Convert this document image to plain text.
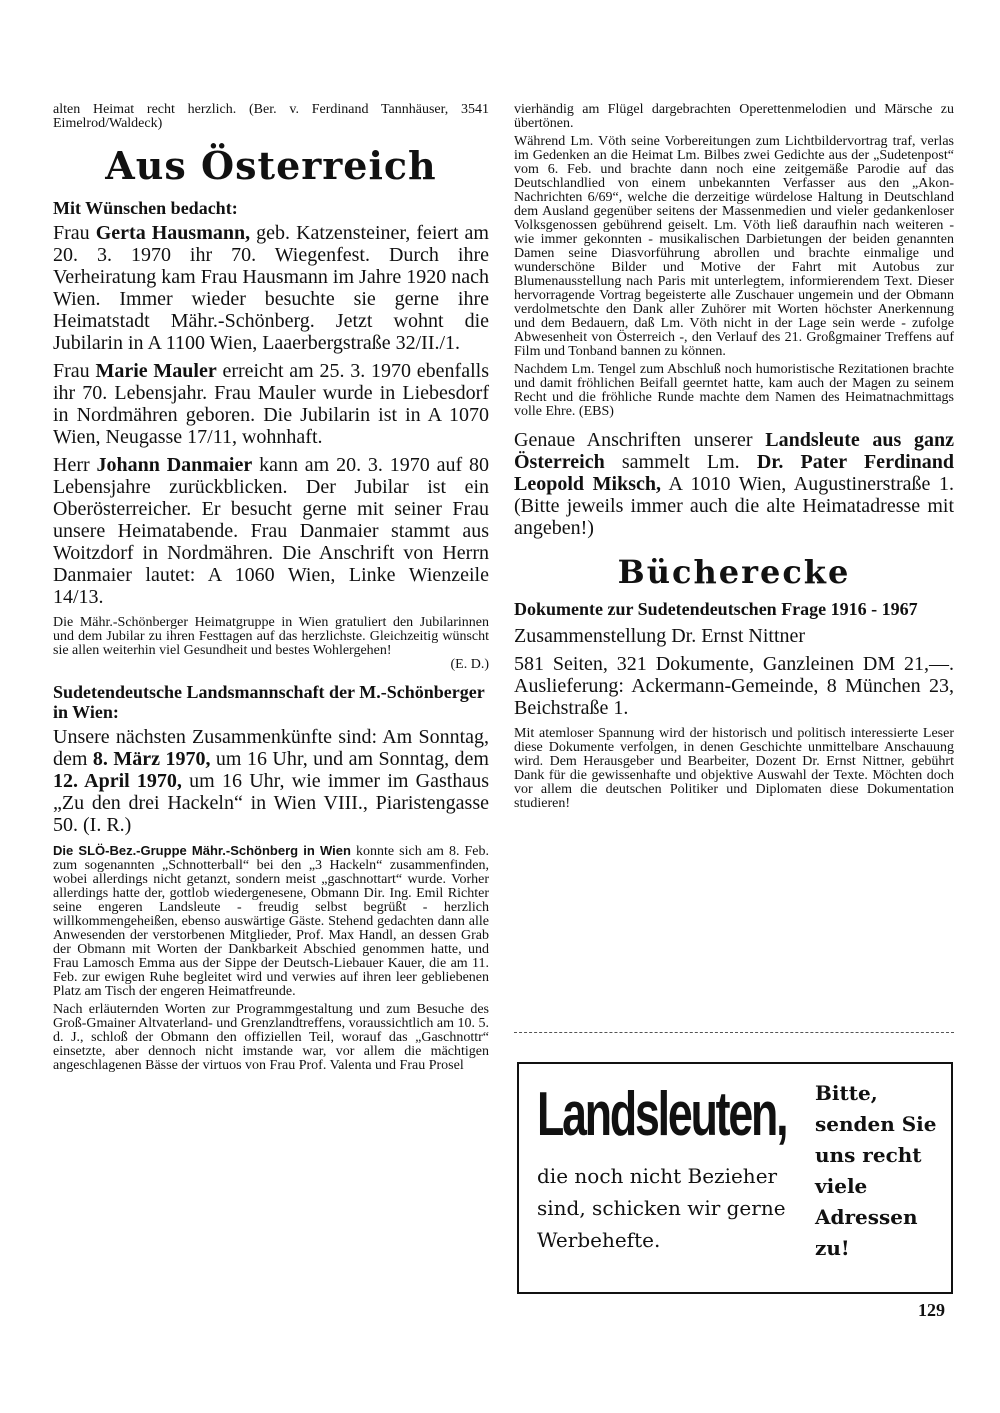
alten Heimat recht herzlich. (Ber. v. Ferdinand Tannhäuser, 3541 Eimelrod/Waldeck)

Aus Österreich
Mit Wünschen bedacht:

Frau Gerta Hausmann, geb. Katzensteiner, feiert am 20. 3. 1970 ihr 70. Wiegenfest. Durch ihre Verheiratung kam Frau Hausmann im Jahre 1920 nach Wien. Immer wieder besuchte sie gerne ihre Heimatstadt Mähr.-Schönberg. Jetzt wohnt die Jubilarin in A 1100 Wien, Laaerbergstraße 32/II./1.

Frau Marie Mauler erreicht am 25. 3. 1970 ebenfalls ihr 70. Lebensjahr. Frau Mauler wurde in Liebesdorf in Nordmähren geboren. Die Jubilarin ist in A 1070 Wien, Neugasse 17/11, wohnhaft.

Herr Johann Danmaier kann am 20. 3. 1970 auf 80 Lebensjahre zurückblicken. Der Jubilar ist ein Oberösterreicher. Er besucht gerne mit seiner Frau unsere Heimatabende. Frau Danmaier stammt aus Woitzdorf in Nordmähren. Die Anschrift von Herrn Danmaier lautet: A 1060 Wien, Linke Wienzeile 14/13.

Die Mähr.-Schönberger Heimatgruppe in Wien gratuliert den Jubilarinnen und dem Jubilar zu ihren Festtagen auf das herzlichste. Gleichzeitig wünscht sie allen weiterhin viel Gesundheit und bestes Wohlergehen!

(E. D.)
Sudetendeutsche Landsmannschaft der M.-Schönberger in Wien:

Unsere nächsten Zusammenkünfte sind: Am Sonntag, dem 8. März 1970, um 16 Uhr, und am Sonntag, dem 12. April 1970, um 16 Uhr, wie immer im Gasthaus „Zu den drei Hackeln“ in Wien VIII., Piaristengasse 50. (I. R.)

Die SLÖ-Bez.-Gruppe Mähr.-Schönberg in Wien konnte sich am 8. Feb. zum sogenannten „Schnotterball“ bei den „3 Hackeln“ zusammenfinden, wobei allerdings nicht getanzt, sondern meist „gaschnottart“ wurde. Vorher allerdings hatte der, gottlob wiedergenesene, Obmann Dir. Ing. Emil Richter seine engeren Landsleute - freudig selbst begrüßt - herzlich willkommengeheißen, ebenso auswärtige Gäste. Stehend gedachten dann alle Anwesenden der verstorbenen Mitglieder, Prof. Max Handl, an dessen Grab der Obmann mit Worten der Dankbarkeit Abschied genommen hatte, und Frau Lamosch Emma aus der Sippe der Deutsch-Liebauer Kauer, die am 11. Feb. zur ewigen Ruhe begleitet wird und verwies auf ihren leer gebliebenen Platz am Tisch der engeren Heimatfreunde.

Nach erläuternden Worten zur Programmgestaltung und zum Besuche des Groß-Gmainer Altvaterland- und Grenzlandtreffens, voraussichtlich am 10. 5. d. J., schloß der Obmann den offiziellen Teil, worauf das „Gaschnottr“ einsetzte, aber dennoch nicht imstande war, vor allem die mächtigen angeschlagenen Bässe der virtuos von Frau Prof. Valenta und Frau Prosel

vierhändig am Flügel dargebrachten Operettenmelodien und Märsche zu übertönen.

Während Lm. Vöth seine Vorbereitungen zum Lichtbildervortrag traf, verlas im Gedenken an die Heimat Lm. Bilbes zwei Gedichte aus der „Sudetenpost“ vom 6. Feb. und brachte dann noch eine zeitgemäße Parodie auf das Deutschlandlied von einem unbekannten Verfasser aus den „Akon-Nachrichten 6/69“, welche die derzeitige würdelose Haltung in Deutschland dem Ausland gegenüber seitens der Massenmedien und vieler gedankenloser Volksgenossen gebührend geiselt. Lm. Vöth ließ daraufhin nach weiteren - wie immer gekonnten - musikalischen Darbietungen der beiden genannten Damen seine Diasvorführung abrollen und brachte einmalige und wunderschöne Bilder und Motive der Fahrt mit Autobus zur Blumenausstellung nach Paris mit unterlegtem, informierendem Text. Dieser hervorragende Vortrag begeisterte alle Zuschauer ungemein und der Obmann verdolmetschte den Dank aller Zuhörer mit Worten höchster Anerkennung und dem Bedauern, daß Lm. Vöth nicht in der Lage sein werde - zufolge Abwesenheit von Österreich -, den Verlauf des 21. Großgmainer Treffens auf Film und Tonband bannen zu können.

Nachdem Lm. Tengel zum Abschluß noch humoristische Rezitationen brachte und damit fröhlichen Beifall geerntet hatte, kam auch der Magen zu seinem Recht und die fröhliche Runde machte dem Namen des Heimatnachmittags volle Ehre. (EBS)

Genaue Anschriften unserer Landsleute aus ganz Österreich sammelt Lm. Dr. Pater Ferdinand Leopold Miksch, A 1010 Wien, Augustinerstraße 1. (Bitte jeweils immer auch die alte Heimatadresse mit angeben!)

Bücherecke
Dokumente zur Sudetendeutschen Frage 1916 - 1967

Zusammenstellung Dr. Ernst Nittner

581 Seiten, 321 Dokumente, Ganzleinen DM 21,—. Auslieferung: Ackermann-Gemeinde, 8 München 23, Beichstraße 1.

Mit atemloser Spannung wird der historisch und politisch interessierte Leser diese Dokumente verfolgen, in denen Geschichte unmittelbare Anschauung wird. Dem Herausgeber und Bearbeiter, Dozent Dr. Ernst Nittner, gebührt Dank für die gewissenhafte und objektive Auswahl der Texte. Möchten doch vor allem die deutschen Politiker und Diplomaten diese Dokumentation studieren!

Landsleuten,
die noch nicht Bezieher sind, schicken wir gerne Werbehefte.
Bitte, senden Sie uns recht viele Adressen zu!
129
